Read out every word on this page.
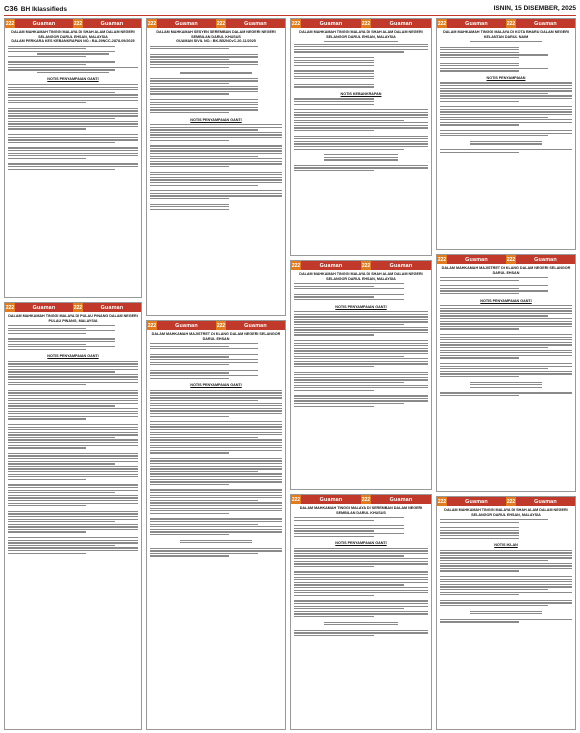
C36 BH Iklassifieds	ISNIN, 15 DISEMBER, 2025
222	Guaman	222	Guaman
DALAM MAHKAMAH TINGGI MALAYA DI SHAH ALAM DALAM NEGERI SELANGOR DARUL EHSAN, MALAYSIA
DALAM PERKARA KES KEBANKRAPAN NO.: BA-29NCC-2878-09/2025
NOTIS PENYAMPAIAN GANTI
222	Guaman	222	Guaman
DALAM MAHKAMAH TINGGI MALAYA DI PULAU PINANG DALAM NEGERI PULAU PINANG, MALAYSIA
NOTIS PENYAMPAIAN GANTI
222	Guaman	222	Guaman
DALAM MAHKAMAH SESYEN SEREMBAN DALAM NEGERI NEGERI SEMBILAN DARUL KHUSUS
GUAMAN SIVIL NO.: BK-B52NCvC-20-11/2025
NOTIS PENYAMPAIAN GANTI
222	Guaman	222	Guaman
DALAM MAHKAMAH MAJISTRET DI KLANG DALAM NEGERI SELANGOR DARUL EHSAN
NOTIS PENYAMPAIAN GANTI
222	Guaman	222	Guaman
DALAM MAHKAMAH TINGGI MALAYA DI SHAH ALAM DALAM NEGERI SELANGOR DARUL EHSAN, MALAYSIA
NOTIS KEBANKRAPAN
222	Guaman	222	Guaman
DALAM MAHKAMAH TINGGI MALAYA DI SHAH ALAM DALAM NEGERI SELANGOR DARUL EHSAN, MALAYSIA
NOTIS PENYAMPAIAN GANTI
222	Guaman	222	Guaman
DALAM MAHKAMAH TINGGI MALAYA DI SEREMBAN DALAM NEGERI SEMBILAN DARUL KHUSUS
NOTIS PENYAMPAIAN GANTI
222	Guaman	222	Guaman
DALAM MAHKAMAH TINGGI MALAYA DI KOTA BHARU DALAM NEGERI KELANTAN DARUL NAIM
NOTIS PENYAMPAIAN
222	Guaman	222	Guaman
DALAM MAHKAMAH MAJISTRET DI KLANG DALAM NEGERI SELANGOR DARUL EHSAN
NOTIS PENYAMPAIAN GANTI
222	Guaman	222	Guaman
DALAM MAHKAMAH TINGGI MALAYA DI SHAH ALAM DALAM NEGERI SELANGOR DARUL EHSAN, MALAYSIA
NOTIS IKLAN
